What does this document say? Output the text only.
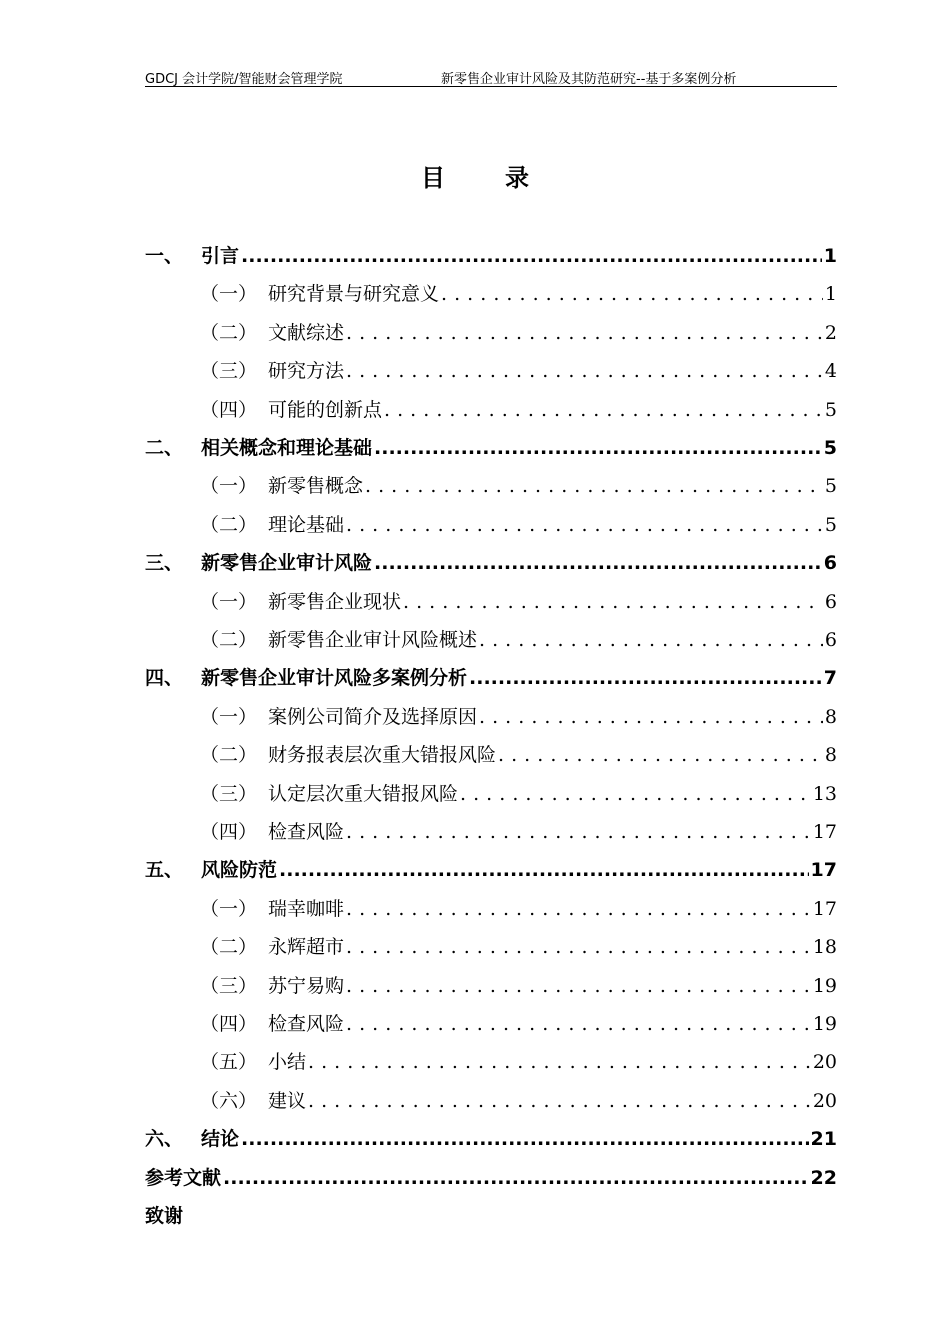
GDCJ 会计学院/智能财会管理学院	新零售企业审计风险及其防范研究--基于多案例分析
目	录
一、 引言 .....	1
（一） 研究背景与研究意义 . . .	1
（二） 文献综述 . . .	2
（三） 研究方法 . . .	4
（四） 可能的创新点 . . .	5
二、 相关概念和理论基础 .....	5
（一） 新零售概念 . . .	5
（二） 理论基础 . . .	5
三、 新零售企业审计风险 .....	6
（一） 新零售企业现状 . . .	6
（二） 新零售企业审计风险概述 . . .	6
四、 新零售企业审计风险多案例分析 .....	7
（一） 案例公司简介及选择原因 . . .	8
（二） 财务报表层次重大错报风险 . . .	8
（三） 认定层次重大错报风险 . . .	13
（四） 检查风险 . . .	17
五、 风险防范 .....	17
（一） 瑞幸咖啡 . . .	17
（二） 永辉超市 . . .	18
（三） 苏宁易购 . . .	19
（四） 检查风险 . . .	19
（五） 小结 . . .	20
（六） 建议 . . .	20
六、 结论 .....	21
参考文献 .....	22
致谢
